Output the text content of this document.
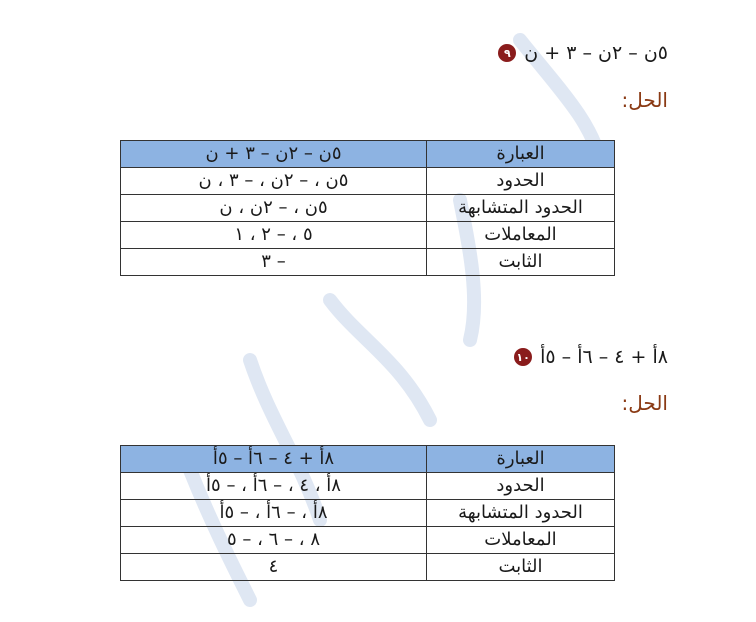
٩ ٥ن – ٢ن – ٣ + ن
الحل:
العبارة	٥ن – ٢ن – ٣ + ن
الحدود	٥ن ، – ٢ن ، – ٣ ، ن
الحدود المتشابهة	٥ن ، – ٢ن ، ن
المعاملات	٥ ، – ٢ ، ١
الثابت	– ٣
١٠ ٨أ + ٤ – ٦أ – ٥أ
الحل:
العبارة	٨أ + ٤ – ٦أ – ٥أ
الحدود	٨أ ، ٤ ، – ٦أ ، – ٥أ
الحدود المتشابهة	٨أ ، – ٦أ ، – ٥أ
المعاملات	٨ ، – ٦ ، – ٥
الثابت	٤
